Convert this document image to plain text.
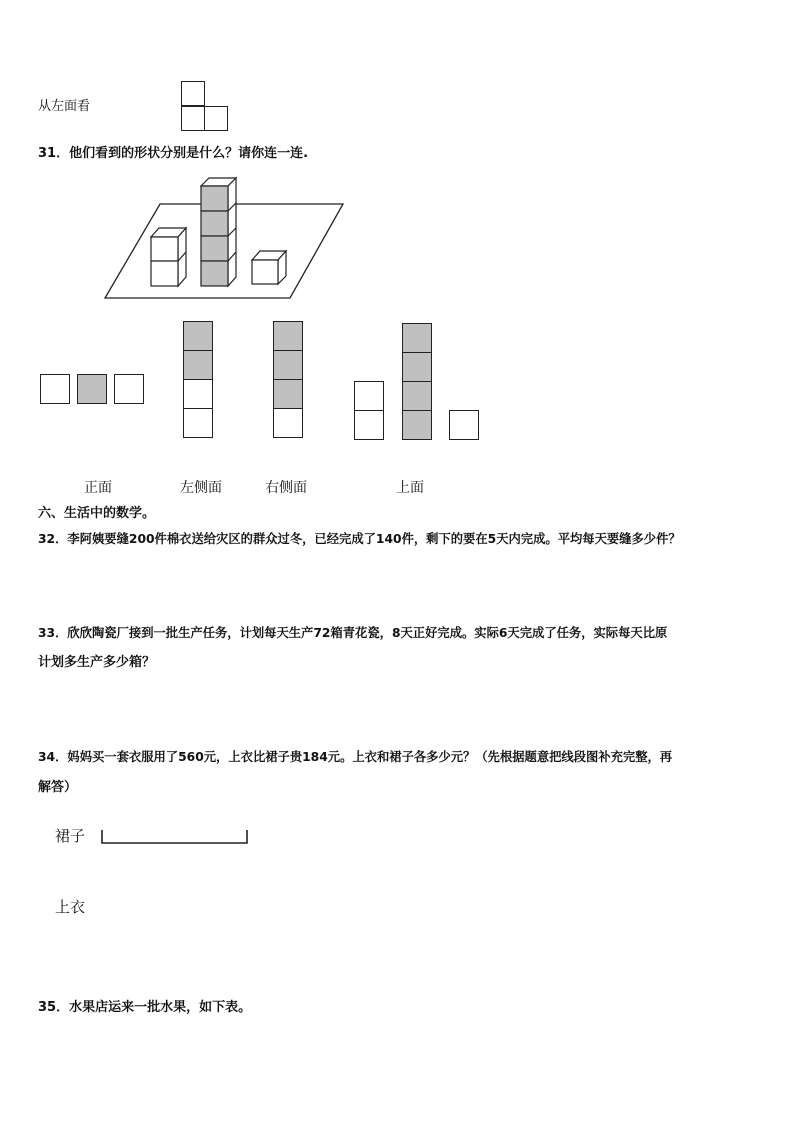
从左面看
31．他们看到的形状分别是什么？请你连一连.
正面	左侧面	右侧面	上面
六、生活中的数学。
32．李阿姨要缝200件棉衣送给灾区的群众过冬，已经完成了140件，剩下的要在5天内完成。平均每天要缝多少件？
33．欣欣陶瓷厂接到一批生产任务，计划每天生产72箱青花瓷，8天正好完成。实际6天完成了任务，实际每天比原
计划多生产多少箱？
34．妈妈买一套衣服用了560元，上衣比裙子贵184元。上衣和裙子各多少元？（先根据题意把线段图补充完整，再
解答）
裙子
上衣
35．水果店运来一批水果，如下表。
